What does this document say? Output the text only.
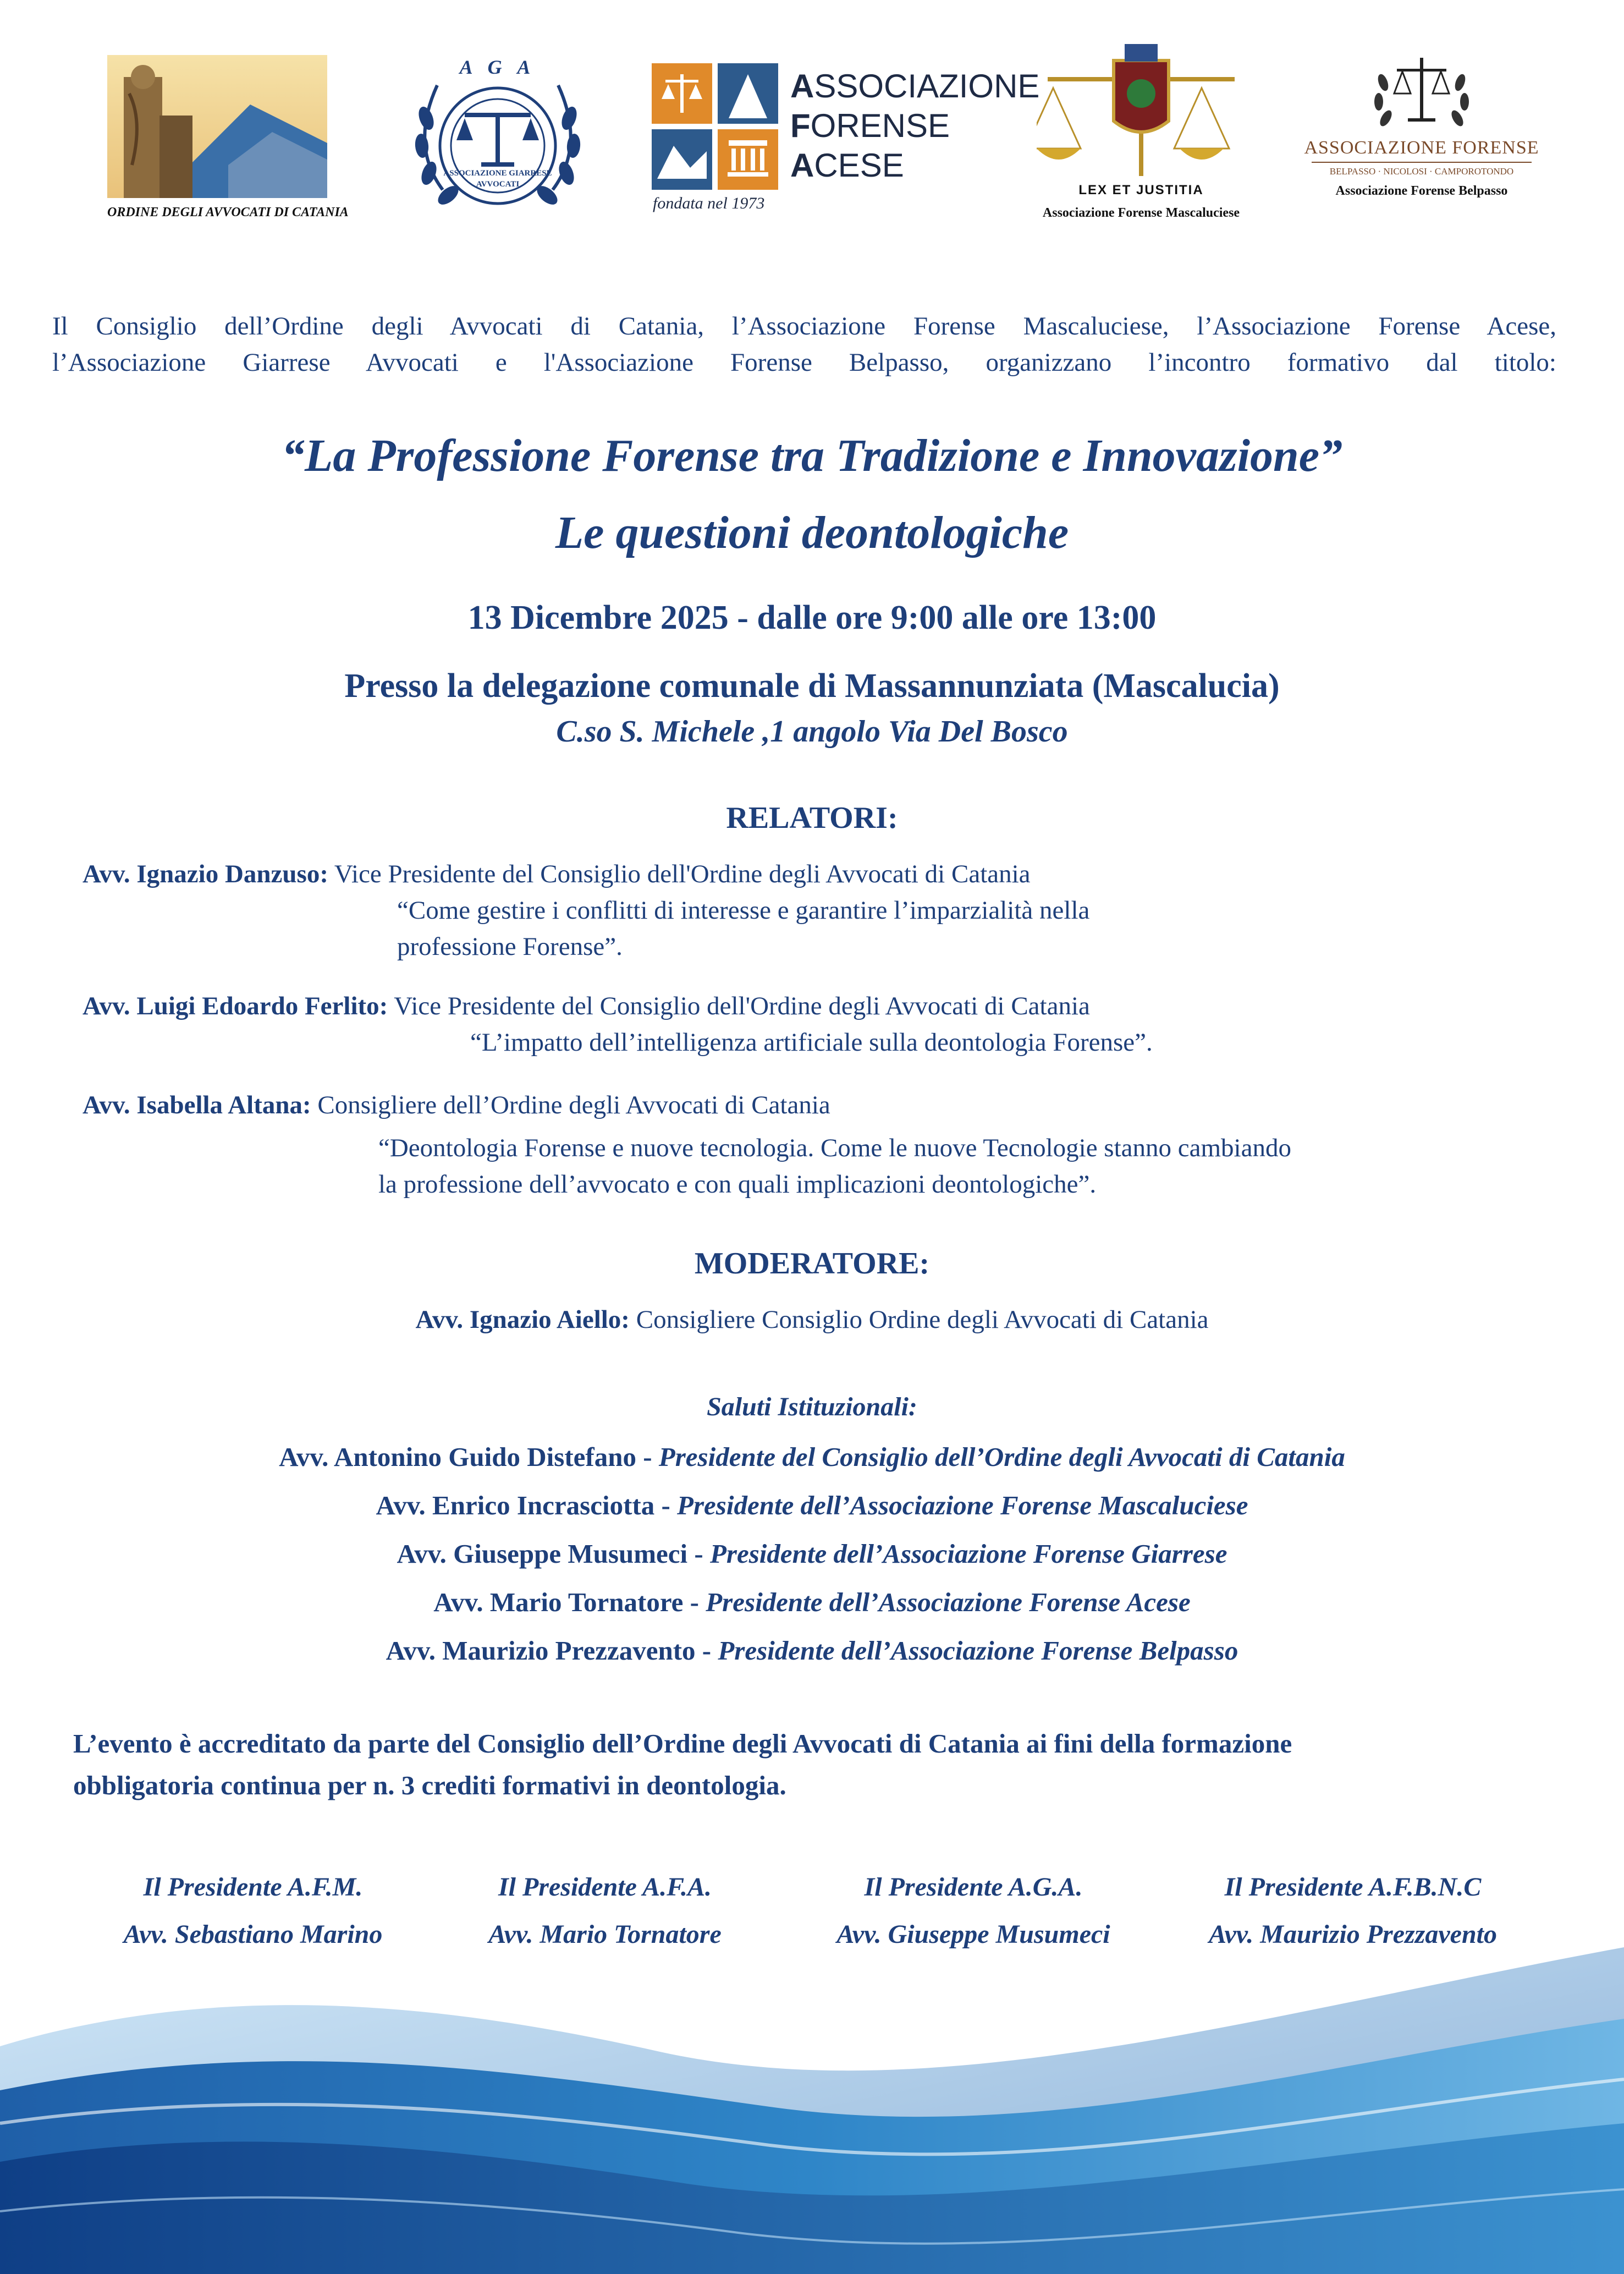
ORDINE DEGLI AVVOCATI DI CATANIA
A G A
ASSOCIAZIONE GIARRESE
AVVOCATI
ASSOCIAZIONE
FORENSE
ACESE
fondata nel 1973
LEX ET JUSTITIA
Associazione Forense Mascaluciese
ASSOCIAZIONE FORENSE
BELPASSO · NICOLOSI · CAMPOROTONDO
Associazione Forense Belpasso
Il Consiglio dell’Ordine degli Avvocati di Catania, l’Associazione Forense Mascaluciese, l’Associazione Forense Acese,
l’Associazione Giarrese Avvocati e l'Associazione Forense Belpasso, organizzano l’incontro formativo dal titolo:
“La Professione Forense tra Tradizione e Innovazione”
Le questioni deontologiche
13 Dicembre 2025 - dalle ore 9:00 alle ore 13:00
Presso la delegazione comunale di Massannunziata (Mascalucia)
C.so S. Michele ,1 angolo Via Del Bosco
RELATORI:
Avv. Ignazio Danzuso: Vice Presidente del Consiglio dell'Ordine degli Avvocati di Catania
“Come gestire i conflitti di interesse e garantire l’imparzialità nella
professione Forense”.
Avv. Luigi Edoardo Ferlito: Vice Presidente del Consiglio dell'Ordine degli Avvocati di Catania
“L’impatto dell’intelligenza artificiale sulla deontologia Forense”.
Avv. Isabella Altana: Consigliere dell’Ordine degli Avvocati di Catania
“Deontologia Forense e nuove tecnologia. Come le nuove Tecnologie stanno cambiando
la professione dell’avvocato e con quali implicazioni deontologiche”.
MODERATORE:
Avv. Ignazio Aiello: Consigliere Consiglio Ordine degli Avvocati di Catania
Saluti Istituzionali:
Avv. Antonino Guido Distefano - Presidente del Consiglio dell’Ordine degli Avvocati di Catania
Avv. Enrico Incrasciotta - Presidente dell’Associazione Forense Mascaluciese
Avv. Giuseppe Musumeci - Presidente dell’Associazione Forense Giarrese
Avv. Mario Tornatore - Presidente dell’Associazione Forense Acese
Avv. Maurizio Prezzavento - Presidente dell’Associazione Forense Belpasso
L’evento è accreditato da parte del Consiglio dell’Ordine degli Avvocati di Catania ai fini della formazione
obbligatoria continua per n. 3 crediti formativi in deontologia.
Il Presidente A.F.M.
Avv. Sebastiano Marino
Il Presidente A.F.A.
Avv. Mario Tornatore
Il Presidente A.G.A.
Avv. Giuseppe Musumeci
Il Presidente A.F.B.N.C
Avv. Maurizio Prezzavento
